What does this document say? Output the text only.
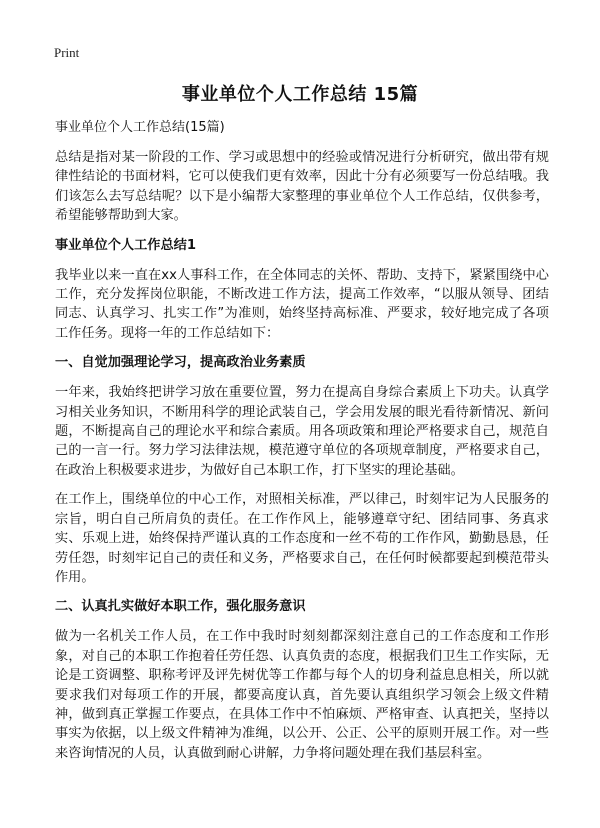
Print
事业单位个人工作总结 15篇

事业单位个人工作总结(15篇)

总结是指对某一阶段的工作、学习或思想中的经验或情况进行分析研究，做出带有规律性结论的书面材料，它可以使我们更有效率，因此十分有必须要写一份总结哦。我们该怎么去写总结呢？以下是小编帮大家整理的事业单位个人工作总结，仅供参考，希望能够帮助到大家。

事业单位个人工作总结1

我毕业以来一直在xx人事科工作，在全体同志的关怀、帮助、支持下，紧紧围绕中心工作，充分发挥岗位职能，不断改进工作方法，提高工作效率，“以服从领导、团结同志、认真学习、扎实工作”为准则，始终坚持高标准、严要求，较好地完成了各项工作任务。现将一年的工作总结如下：

一、自觉加强理论学习，提高政治业务素质

一年来，我始终把讲学习放在重要位置，努力在提高自身综合素质上下功夫。认真学习相关业务知识，不断用科学的理论武装自己，学会用发展的眼光看待新情况、新问题，不断提高自己的理论水平和综合素质。用各项政策和理论严格要求自己，规范自己的一言一行。努力学习法律法规，模范遵守单位的各项规章制度，严格要求自己，在政治上积极要求进步，为做好自己本职工作，打下坚实的理论基础。

在工作上，围绕单位的中心工作，对照相关标准，严以律己，时刻牢记为人民服务的宗旨，明白自己所肩负的责任。在工作作风上，能够遵章守纪、团结同事、务真求实、乐观上进，始终保持严谨认真的工作态度和一丝不苟的工作作风，勤勤恳恳，任劳任怨，时刻牢记自己的责任和义务，严格要求自己，在任何时候都要起到模范带头作用。

二、认真扎实做好本职工作，强化服务意识

做为一名机关工作人员，在工作中我时时刻刻都深刻注意自己的工作态度和工作形象，对自己的本职工作抱着任劳任怨、认真负责的态度，根据我们卫生工作实际，无论是工资调整、职称考评及评先树优等工作都与每个人的切身利益息息相关，所以就要求我们对每项工作的开展，都要高度认真，首先要认真组织学习领会上级文件精神，做到真正掌握工作要点，在具体工作中不怕麻烦、严格审查、认真把关，坚持以事实为依据，以上级文件精神为准绳，以公开、公正、公平的原则开展工作。对一些来咨询情况的人员，认真做到耐心讲解，力争将问题处理在我们基层科室。
